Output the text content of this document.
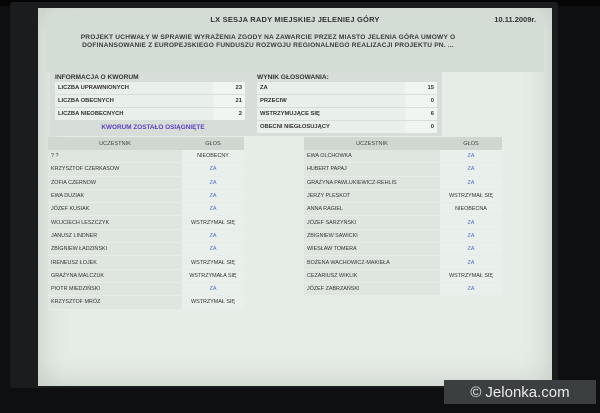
LX SESJA RADY MIEJSKIEJ JELENIEJ GÓRY	10.11.2009r.
PROJEKT UCHWAŁY W SPRAWIE WYRAŻENIA ZGODY NA ZAWARCIE PRZEZ MIASTO JELENIA GÓRA UMOWY O DOFINANSOWANIE Z EUROPEJSKIEGO FUNDUSZU ROZWOJU REGIONALNEGO REALIZACJI PROJEKTU PN. ...
INFORMACJA O KWORUM
LICZBA UPRAWNIONYCH	23
LICZBA OBECNYCH	21
LICZBA NIEOBECNYCH	2
KWORUM ZOSTAŁO OSIĄGNIĘTE
WYNIK GŁOSOWANIA:
ZA	15
PRZECIW	0
WSTRZYMUJĄCE SIĘ	6
OBECNI NIEGŁOSUJĄCY	0
UCZESTNIK	GŁOS
? ?	NIEOBECNY
KRZYSZTOF CZERKASOW	ZA
ZOFIA CZERNOW	ZA
EWA DUZIAK	ZA
JÓZEF KUSIAK	ZA
WOJCIECH LESZCZYK	WSTRZYMAŁ SIĘ
JANUSZ LINDNER	ZA
ZBIGNIEW ŁADZIŃSKI	ZA
IRENEUSZ ŁOJEK	WSTRZYMAŁ SIĘ
GRAŻYNA MALCZUK	WSTRZYMAŁA SIĘ
PIOTR MIEDZIŃSKI	ZA
KRZYSZTOF MRÓZ	WSTRZYMAŁ SIĘ
UCZESTNIK	GŁOS
EWA OLCHOWKA	ZA
HUBERT PAPAJ	ZA
GRAŻYNA PAWLUKIEWICZ-REHLIS	ZA
JERZY PLESKOT	WSTRZYMAŁ SIĘ
ANNA RAGIEL	NIEOBECNA
JÓZEF SARZYŃSKI	ZA
ZBIGNIEW SAWICKI	ZA
WIESŁAW TOMERA	ZA
BOŻENA WACHOWICZ-MAKIEŁA	ZA
CEZARIUSZ WIKLIK	WSTRZYMAŁ SIĘ
JÓZEF ZABRZAŃSKI	ZA
© Jelonka.com
